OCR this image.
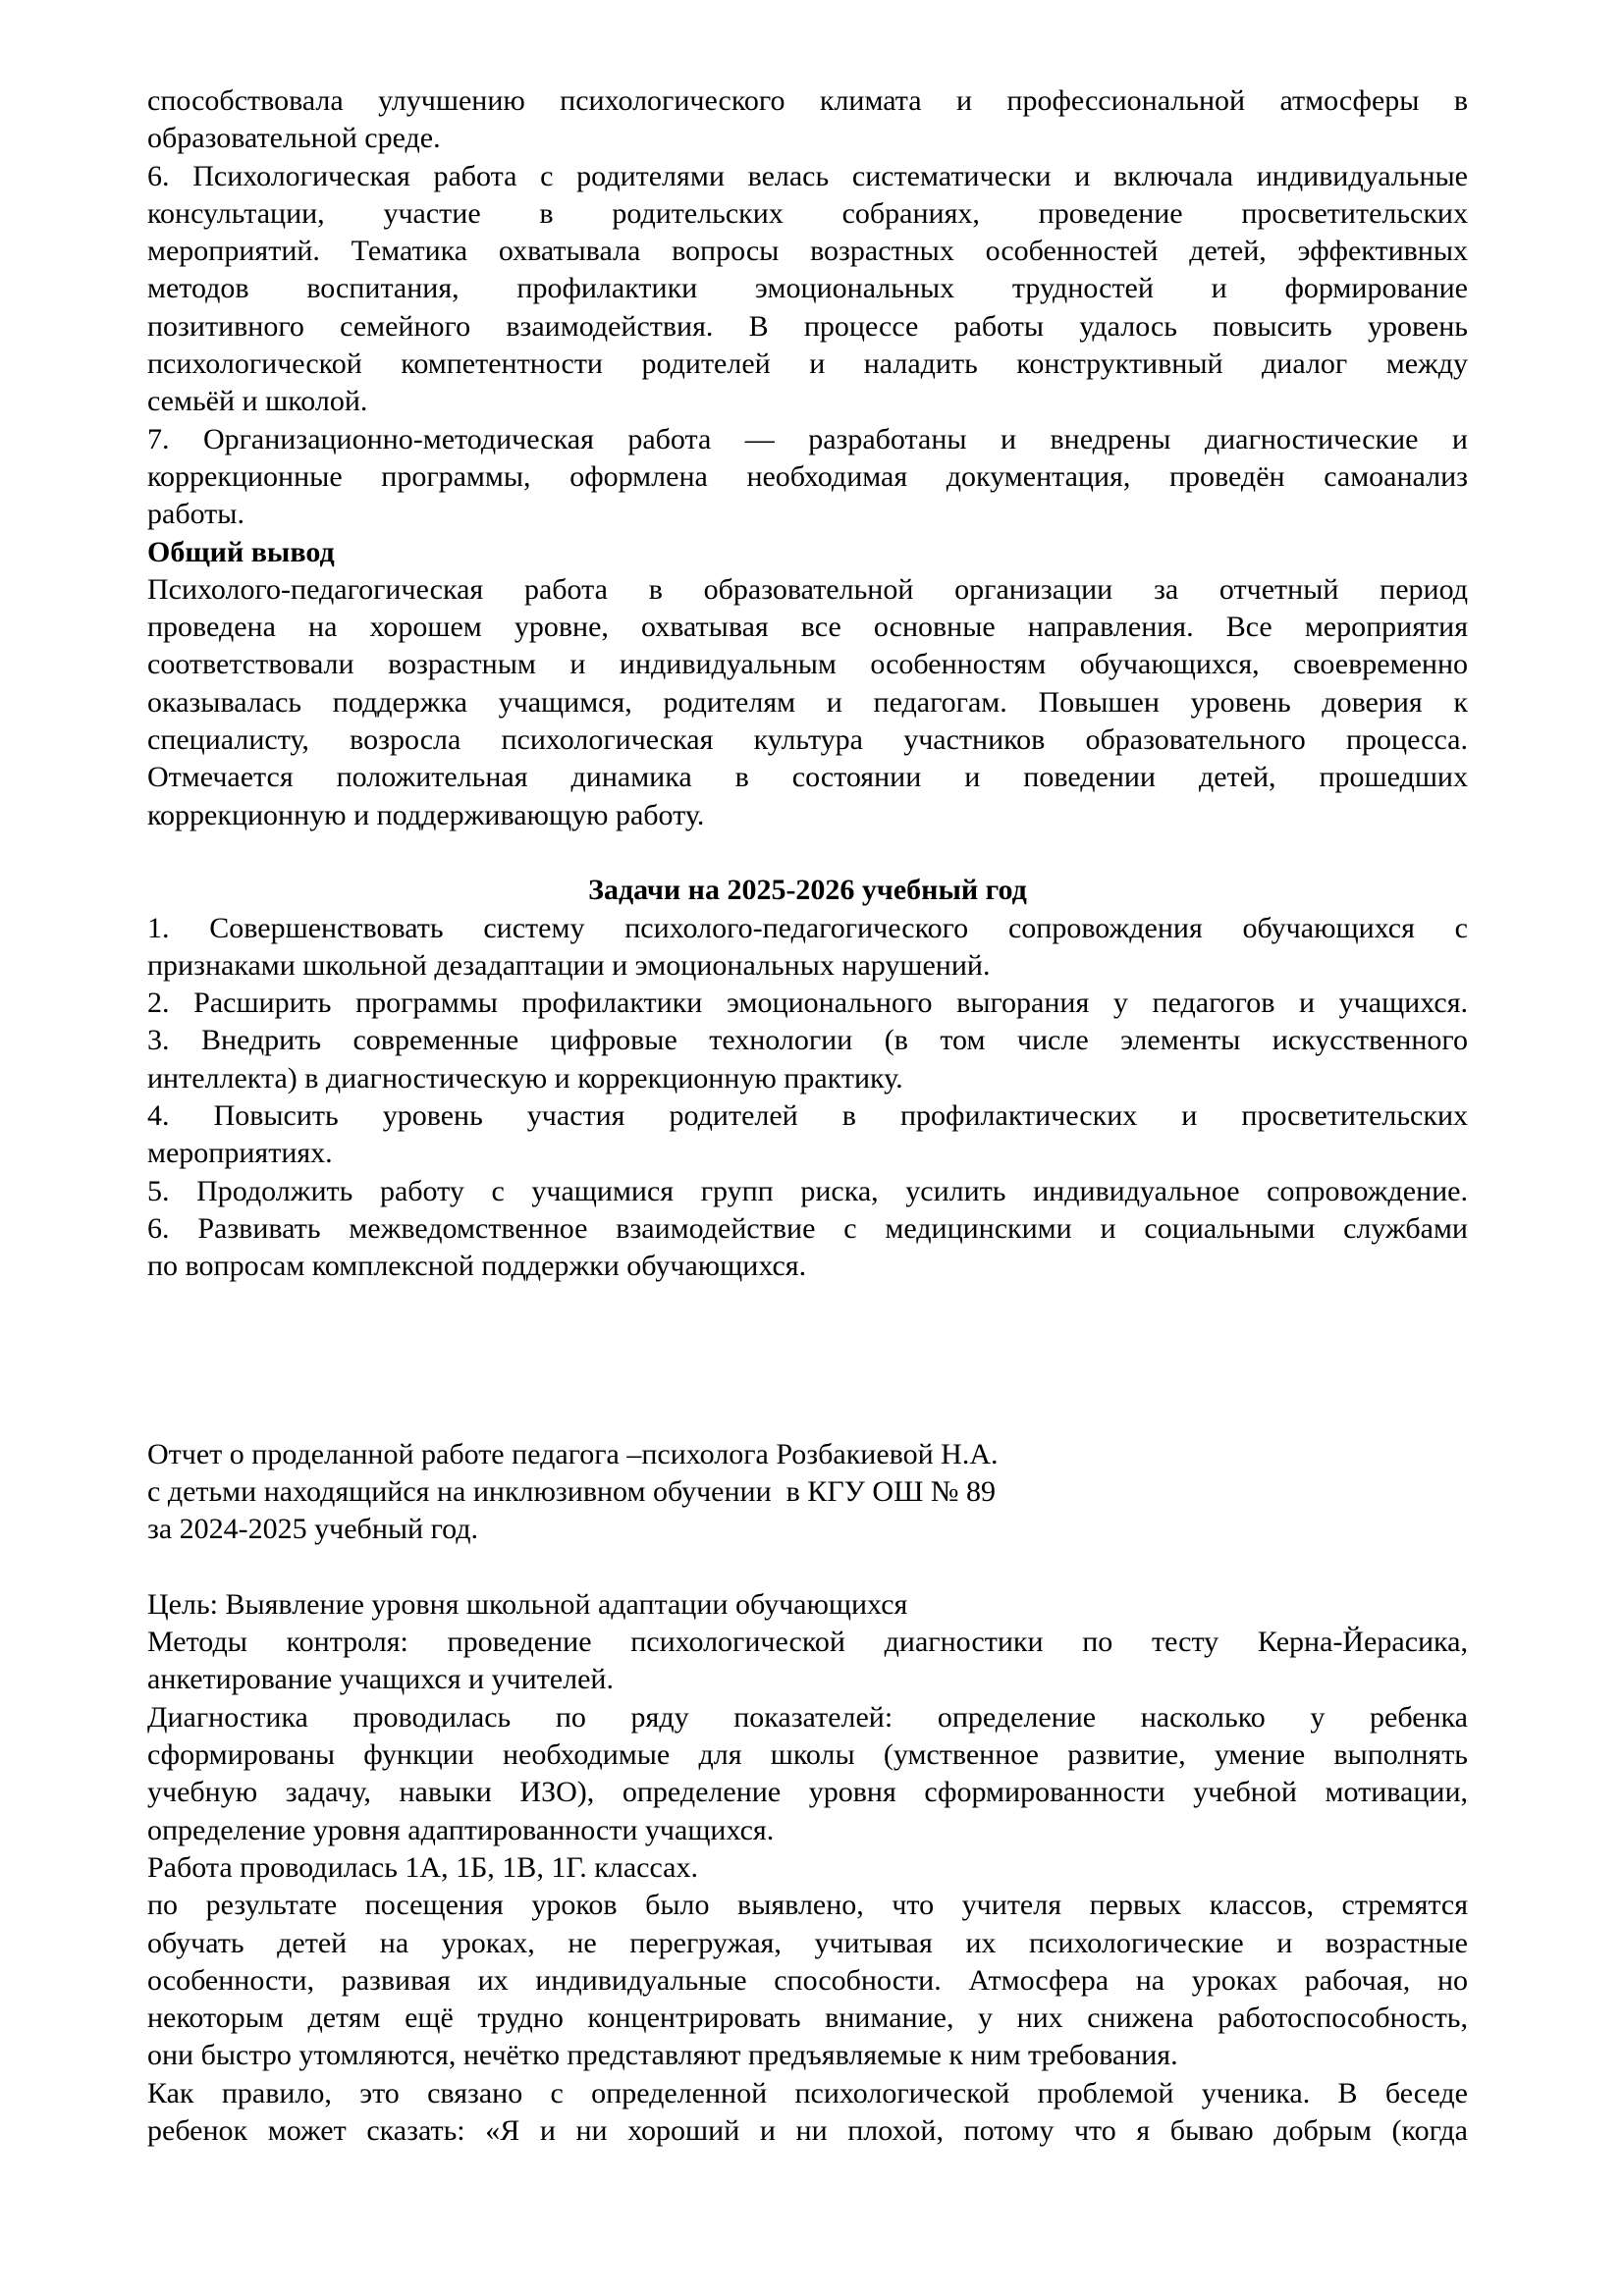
способствовала улучшению психологического климата и профессиональной атмосферы в
образовательной среде.
6. Психологическая работа с родителями велась систематически и включала индивидуальные
консультации, участие в родительских собраниях, проведение просветительских
мероприятий. Тематика охватывала вопросы возрастных особенностей детей, эффективных
методов воспитания, профилактики эмоциональных трудностей и формирование
позитивного семейного взаимодействия. В процессе работы удалось повысить уровень
психологической компетентности родителей и наладить конструктивный диалог между
семьёй и школой.
7. Организационно-методическая работа — разработаны и внедрены диагностические и
коррекционные программы, оформлена необходимая документация, проведён самоанализ
работы.
Общий вывод
Психолого-педагогическая работа в образовательной организации за отчетный период
проведена на хорошем уровне, охватывая все основные направления. Все мероприятия
соответствовали возрастным и индивидуальным особенностям обучающихся, своевременно
оказывалась поддержка учащимся, родителям и педагогам. Повышен уровень доверия к
специалисту, возросла психологическая культура участников образовательного процесса.
Отмечается положительная динамика в состоянии и поведении детей, прошедших
коррекционную и поддерживающую работу.
Задачи на 2025-2026 учебный год
1. Совершенствовать систему психолого-педагогического сопровождения обучающихся с
признаками школьной дезадаптации и эмоциональных нарушений.
2. Расширить программы профилактики эмоционального выгорания у педагогов и учащихся.
3. Внедрить современные цифровые технологии (в том числе элементы искусственного
интеллекта) в диагностическую и коррекционную практику.
4. Повысить уровень участия родителей в профилактических и просветительских
мероприятиях.
5. Продолжить работу с учащимися групп риска, усилить индивидуальное сопровождение.
6. Развивать межведомственное взаимодействие с медицинскими и социальными службами
по вопросам комплексной поддержки обучающихся.
Отчет о проделанной работе педагога –психолога Розбакиевой Н.А.
с детьми находящийся на инклюзивном обучении  в КГУ ОШ № 89
за 2024-2025 учебный год.
Цель: Выявление уровня школьной адаптации обучающихся
Методы контроля: проведение психологической диагностики по тесту Керна-Йерасика,
анкетирование учащихся и учителей.
Диагностика проводилась по ряду показателей: определение насколько у ребенка
сформированы функции необходимые для школы (умственное развитие, умение выполнять
учебную задачу, навыки ИЗО), определение уровня сформированности учебной мотивации,
определение уровня адаптированности учащихся.
Работа проводилась 1А, 1Б, 1В, 1Г. классах.
по результате посещения уроков было выявлено, что учителя первых классов, стремятся
обучать детей на уроках, не перегружая, учитывая их психологические и возрастные
особенности, развивая их индивидуальные способности. Атмосфера на уроках рабочая, но
некоторым детям ещё трудно концентрировать внимание, у них снижена работоспособность,
они быстро утомляются, нечётко представляют предъявляемые к ним требования.
Как правило, это связано с определенной психологической проблемой ученика. В беседе
ребенок может сказать: «Я и ни хороший и ни плохой, потому что я бываю добрым (когда
